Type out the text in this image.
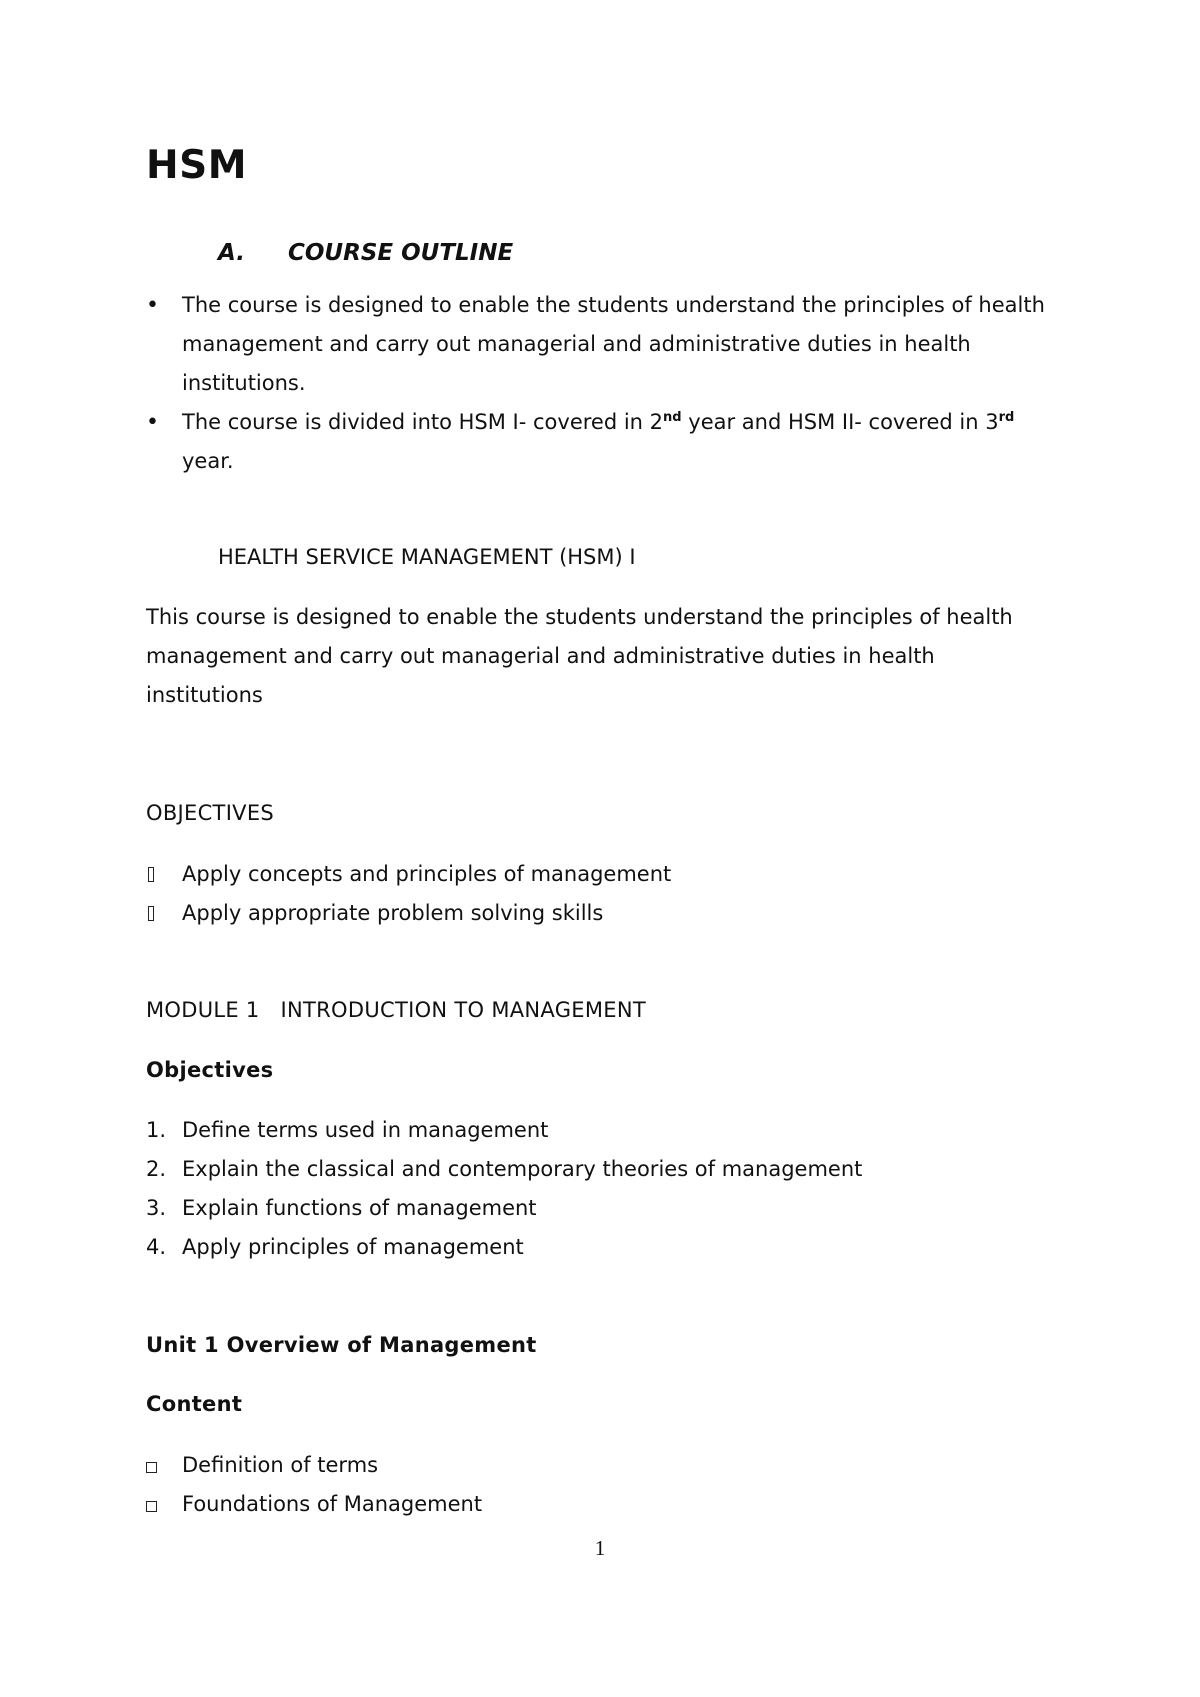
HSM
A. COURSE OUTLINE
•	The course is designed to enable the students understand the principles of health management and carry out managerial and administrative duties in health institutions.
•	The course is divided into HSM I- covered in 2nd year and HSM II- covered in 3rd year.
HEALTH SERVICE MANAGEMENT (HSM) I

This course is designed to enable the students understand the principles of health management and carry out managerial and administrative duties in health institutions

OBJECTIVES
Apply concepts and principles of management
Apply appropriate problem solving skills
MODULE 1   INTRODUCTION TO MANAGEMENT
Objectives
1. Define terms used in management
2. Explain the classical and contemporary theories of management
3. Explain functions of management
4. Apply principles of management
Unit 1 Overview of Management
Content
Definition of terms
Foundations of Management
1
